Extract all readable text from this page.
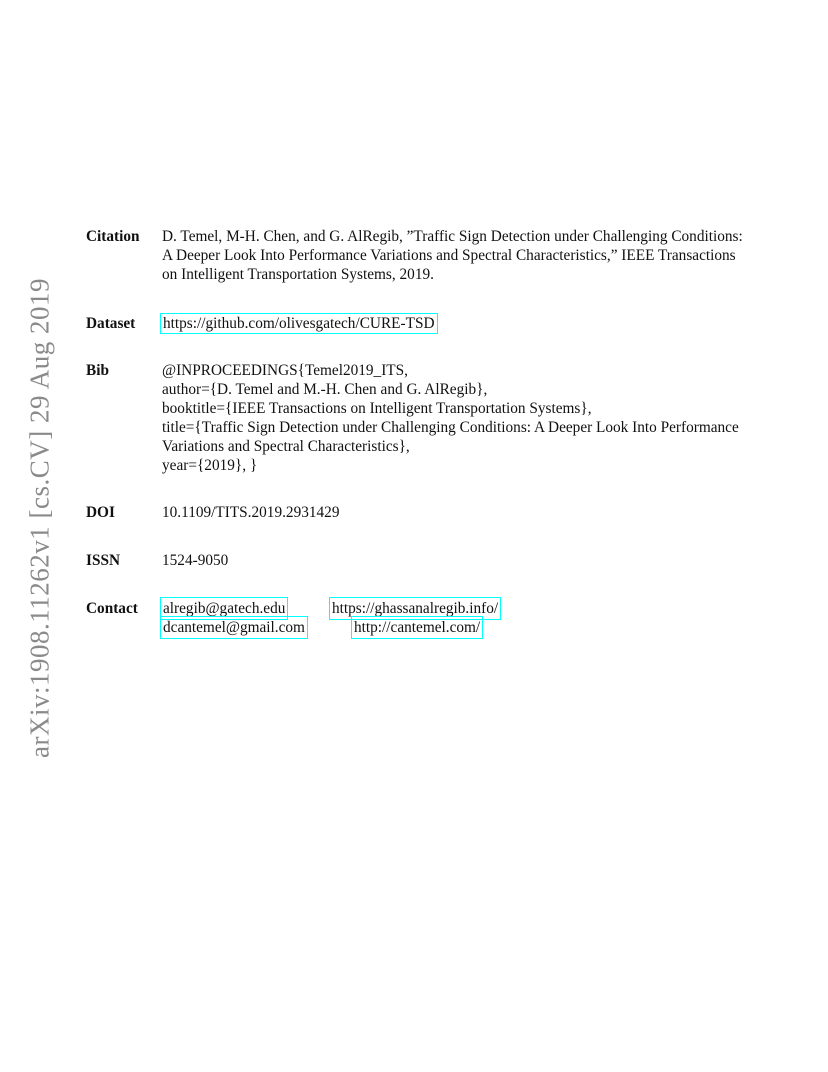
arXiv:1908.11262v1 [cs.CV] 29 Aug 2019
Citation D. Temel, M-H. Chen, and G. AlRegib, ”Traffic Sign Detection under Challenging Conditions:
A Deeper Look Into Performance Variations and Spectral Characteristics,” IEEE Transactions
on Intelligent Transportation Systems, 2019.
Dataset https://github.com/olivesgatech/CURE-TSD
Bib	@INPROCEEDINGS{Temel2019_ITS,
author={D. Temel and M.-H. Chen and G. AlRegib},
booktitle={IEEE Transactions on Intelligent Transportation Systems},
title={Traffic Sign Detection under Challenging Conditions: A Deeper Look Into Performance
Variations and Spectral Characteristics},
year={2019}, }
DOI	10.1109/TITS.2019.2931429
ISSN	1524-9050
Contact alregib@gatech.edu	https://ghassanalregib.info/
dcantemel@gmail.com	http://cantemel.com/
